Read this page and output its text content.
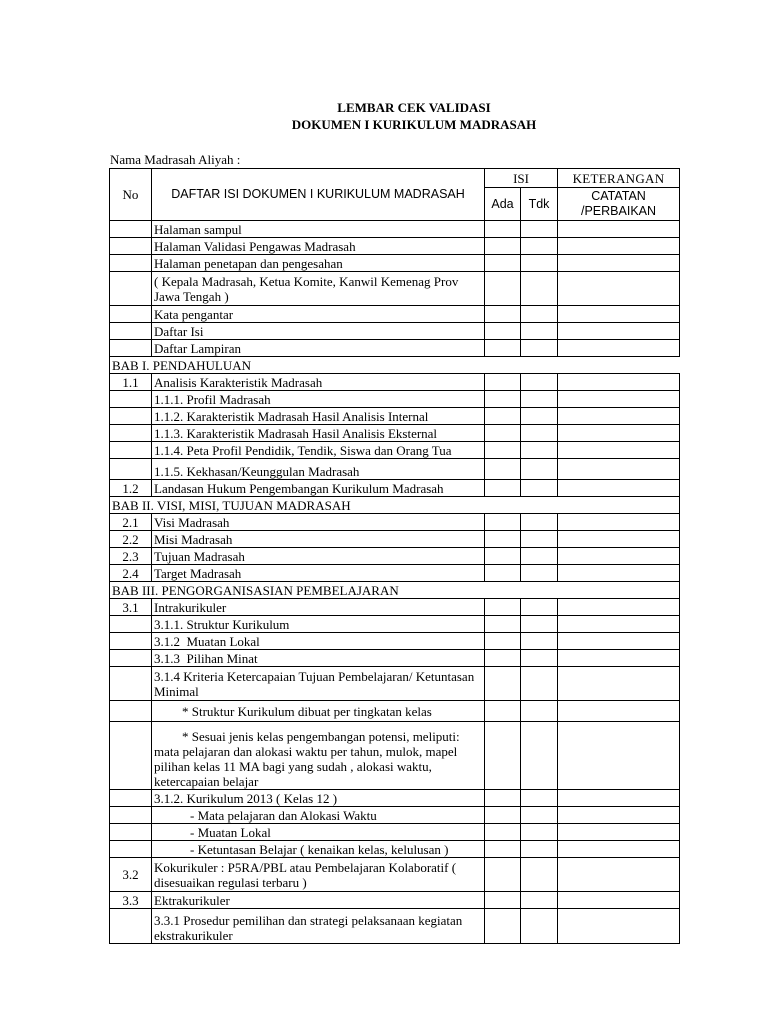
LEMBAR CEK VALIDASI
DOKUMEN I KURIKULUM MADRASAH
Nama Madrasah Aliyah :
No	DAFTAR ISI DOKUMEN I KURIKULUM MADRASAH	ISI		KETERANGAN
		Ada	Tdk	CATATAN /PERBAIKAN
	Halaman sampul			
	Halaman Validasi Pengawas Madrasah			
	Halaman penetapan dan pengesahan			
	( Kepala Madrasah, Ketua Komite, Kanwil Kemenag Prov Jawa Tengah )			
	Kata pengantar			
	Daftar Isi			
	Daftar Lampiran			
BAB I. PENDAHULUAN				
1.1	Analisis Karakteristik Madrasah			
	1.1.1. Profil Madrasah			
	1.1.2. Karakteristik Madrasah Hasil Analisis Internal			
	1.1.3. Karakteristik Madrasah Hasil Analisis Eksternal			
	1.1.4. Peta Profil Pendidik, Tendik, Siswa dan Orang Tua			
	1.1.5. Kekhasan/Keunggulan Madrasah			
1.2	Landasan Hukum Pengembangan Kurikulum Madrasah			
BAB II. VISI, MISI, TUJUAN MADRASAH				
2.1	Visi Madrasah			
2.2	Misi Madrasah			
2.3	Tujuan Madrasah			
2.4	Target Madrasah			
BAB III. PENGORGANISASIAN PEMBELAJARAN				
3.1	Intrakurikuler			
	3.1.1. Struktur Kurikulum			
	3.1.2  Muatan Lokal			
	3.1.3  Pilihan Minat			
	3.1.4 Kriteria Ketercapaian Tujuan Pembelajaran/ Ketuntasan Minimal			
	* Struktur Kurikulum dibuat per tingkatan kelas			
	* Sesuai jenis kelas pengembangan potensi, meliputi: mata pelajaran dan alokasi waktu per tahun, mulok, mapel pilihan kelas 11 MA bagi yang sudah , alokasi waktu, ketercapaian belajar			
	3.1.2. Kurikulum 2013 ( Kelas 12 )			
	- Mata pelajaran dan Alokasi Waktu			
	- Muatan Lokal			
	- Ketuntasan Belajar ( kenaikan kelas, kelulusan )			
3.2	Kokurikuler : P5RA/PBL atau Pembelajaran Kolaboratif ( disesuaikan regulasi terbaru )			
3.3	Ektrakurikuler			
	3.3.1 Prosedur pemilihan dan strategi pelaksanaan kegiatan ekstrakurikuler			
